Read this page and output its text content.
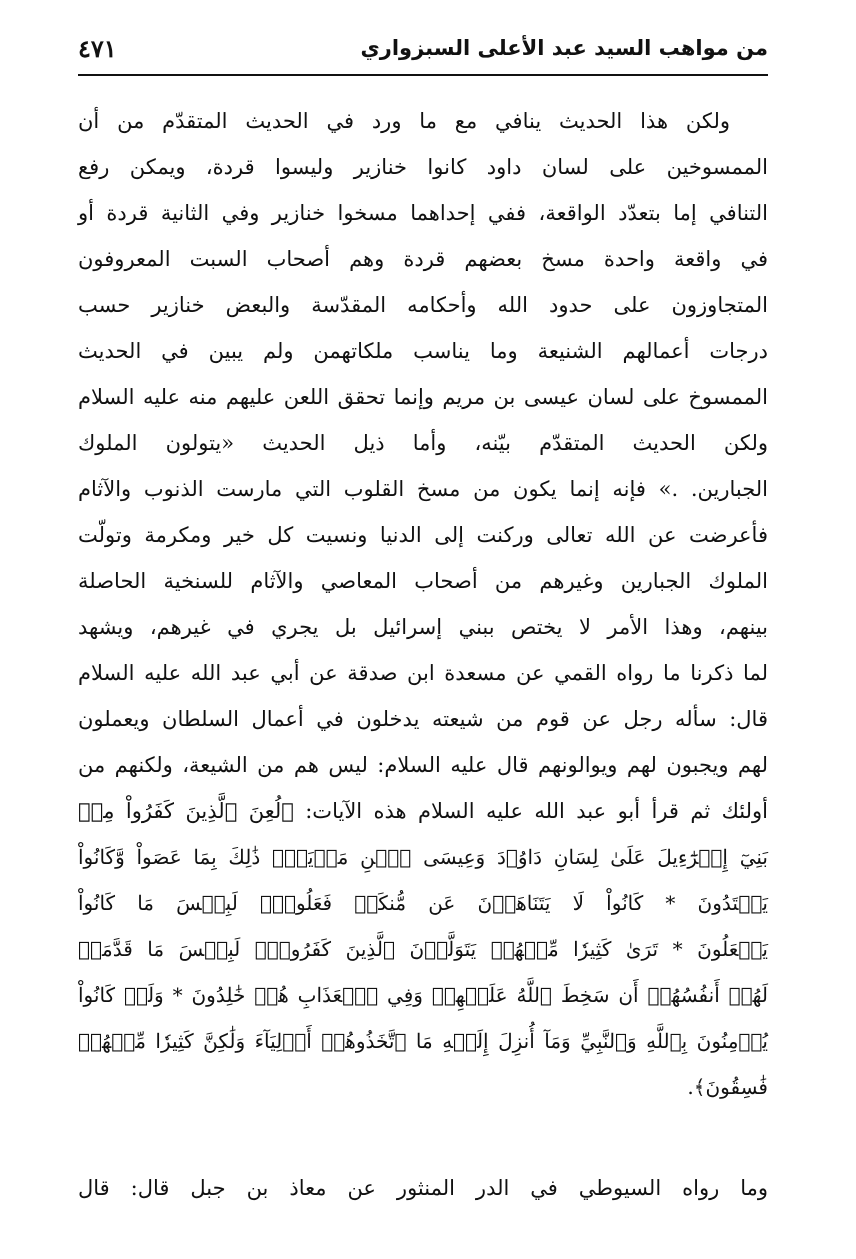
من مواهب السيد عبد الأعلى السبزواري
٤٧١
ولكن هذا الحديث ينافي مع ما ورد في الحديث المتقدّم من أن
الممسوخين على لسان داود كانوا خنازير وليسوا قردة، ويمكن رفع
التنافي إما بتعدّد الواقعة، ففي إحداهما مسخوا خنازير وفي الثانية قردة أو
في واقعة واحدة مسخ بعضهم قردة وهم أصحاب السبت المعروفون
المتجاوزون على حدود الله وأحكامه المقدّسة والبعض خنازير حسب
درجات أعمالهم الشنيعة وما يناسب ملكاتهمن ولم يبين في الحديث
الممسوخ على لسان عيسى بن مريم وإنما تحقق اللعن عليهم منه عليه السلام
ولكن الحديث المتقدّم بيّنه، وأما ذيل الحديث «يتولون الملوك
الجبارين. .» فإنه إنما يكون من مسخ القلوب التي مارست الذنوب والآثام
فأعرضت عن الله تعالى وركنت إلى الدنيا ونسيت كل خير ومكرمة وتولّت
الملوك الجبارين وغيرهم من أصحاب المعاصي والآثام للسنخية الحاصلة
بينهم، وهذا الأمر لا يختص ببني إسرائيل بل يجري في غيرهم، ويشهد
لما ذكرنا ما رواه القمي عن مسعدة ابن صدقة عن أبي عبد الله عليه السلام
قال: سأله رجل عن قوم من شيعته يدخلون في أعمال السلطان ويعملون
لهم ويجبون لهم ويوالونهم قال عليه السلام: ليس هم من الشيعة، ولكنهم من
أولئك ثم قرأ أبو عبد الله عليه السلام هذه الآيات: ﴿لُعِنَ ٱلَّذِينَ كَفَرُواْ مِنۢ
بَنِيٓ إِسۡرَٰٓءِيلَ عَلَىٰ لِسَانِ دَاوُۥدَ وَعِيسَى ٱبۡنِ مَرۡيَمَۚ ذَٰلِكَ بِمَا عَصَواْ وَّكَانُواْ
يَعۡتَدُونَ * كَانُواْ لَا يَتَنَاهَوۡنَ عَن مُّنكَرٖ فَعَلُوهُۚ لَبِئۡسَ مَا كَانُواْ
يَفۡعَلُونَ * تَرَىٰ كَثِيرٗا مِّنۡهُمۡ يَتَوَلَّوۡنَ ٱلَّذِينَ كَفَرُواْۚ لَبِئۡسَ مَا قَدَّمَتۡ
لَهُمۡ أَنفُسُهُمۡ أَن سَخِطَ ٱللَّهُ عَلَيۡهِمۡ وَفِي ٱلۡعَذَابِ هُمۡ خَٰلِدُونَ * وَلَوۡ كَانُواْ
يُؤۡمِنُونَ بِٱللَّهِ وَٱلنَّبِيِّ وَمَآ أُنزِلَ إِلَيۡهِ مَا ٱتَّخَذُوهُمۡ أَوۡلِيَآءَ وَلَٰكِنَّ كَثِيرٗا مِّنۡهُمۡ
فَٰسِقُونَ﴾.
وما رواه السيوطي في الدر المنثور عن معاذ بن جبل قال: قال
